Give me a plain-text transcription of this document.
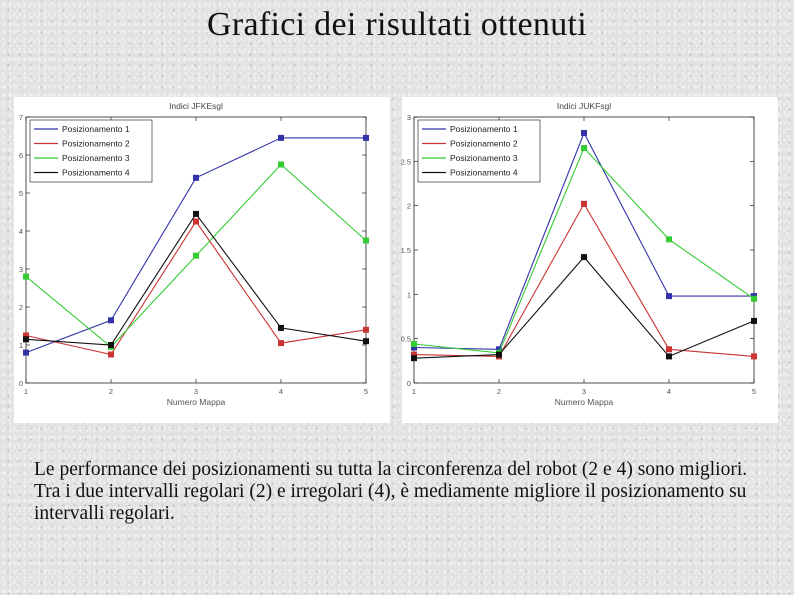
Grafici dei risultati ottenuti
Indici JFKEsgl
0
1
2
3
4
5
6
7
1	2	3	4	5
Numero Mappa
Posizionamento 1
Posizionamento 2
Posizionamento 3
Posizionamento 4
Indici JUKFsgl
0
0.5
1
1.5
2
2.5
3
1	2	3	4	5
Numero Mappa
Posizionamento 1
Posizionamento 2
Posizionamento 3
Posizionamento 4
Le performance dei posizionamenti su tutta la circonferenza del robot (2 e 4) sono migliori. Tra i due intervalli regolari (2) e irregolari (4), è mediamente migliore il posizionamento su intervalli regolari.
